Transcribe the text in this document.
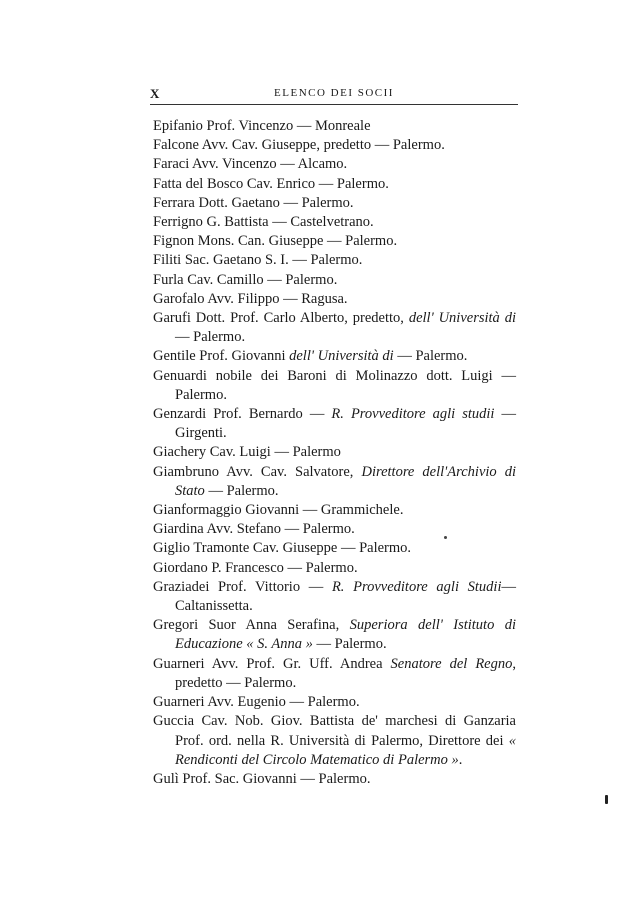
X	ELENCO DEI SOCII

Epifanio Prof. Vincenzo — Monreale

Falcone Avv. Cav. Giuseppe, predetto — Palermo.

Faraci Avv. Vincenzo — Alcamo.

Fatta del Bosco Cav. Enrico — Palermo.

Ferrara Dott. Gaetano — Palermo.

Ferrigno G. Battista — Castelvetrano.

Fignon Mons. Can. Giuseppe — Palermo.

Filiti Sac. Gaetano S. I. — Palermo.

Furla Cav. Camillo — Palermo.

Garofalo Avv. Filippo — Ragusa.

Garufi Dott. Prof. Carlo Alberto, predetto, dell' Università di — Palermo.

Gentile Prof. Giovanni dell' Università di — Palermo.

Genuardi nobile dei Baroni di Molinazzo dott. Luigi — Palermo.

Genzardi Prof. Bernardo — R. Provveditore agli studii — Girgenti.

Giachery Cav. Luigi — Palermo

Giambruno Avv. Cav. Salvatore, Direttore dell'Archivio di Stato — Palermo.

Gianformaggio Giovanni — Grammichele.

Giardina Avv. Stefano — Palermo.

Giglio Tramonte Cav. Giuseppe — Palermo.

Giordano P. Francesco — Palermo.

Graziadei Prof. Vittorio — R. Provveditore agli Studii— Caltanissetta.

Gregori Suor Anna Serafina, Superiora dell' Istituto di Educazione « S. Anna » — Palermo.

Guarneri Avv. Prof. Gr. Uff. Andrea Senatore del Regno, predetto — Palermo.

Guarneri Avv. Eugenio — Palermo.

Guccia Cav. Nob. Giov. Battista de' marchesi di Ganzaria Prof. ord. nella R. Università di Palermo, Direttore dei « Rendiconti del Circolo Matematico di Palermo ».

Gulì Prof. Sac. Giovanni — Palermo.
